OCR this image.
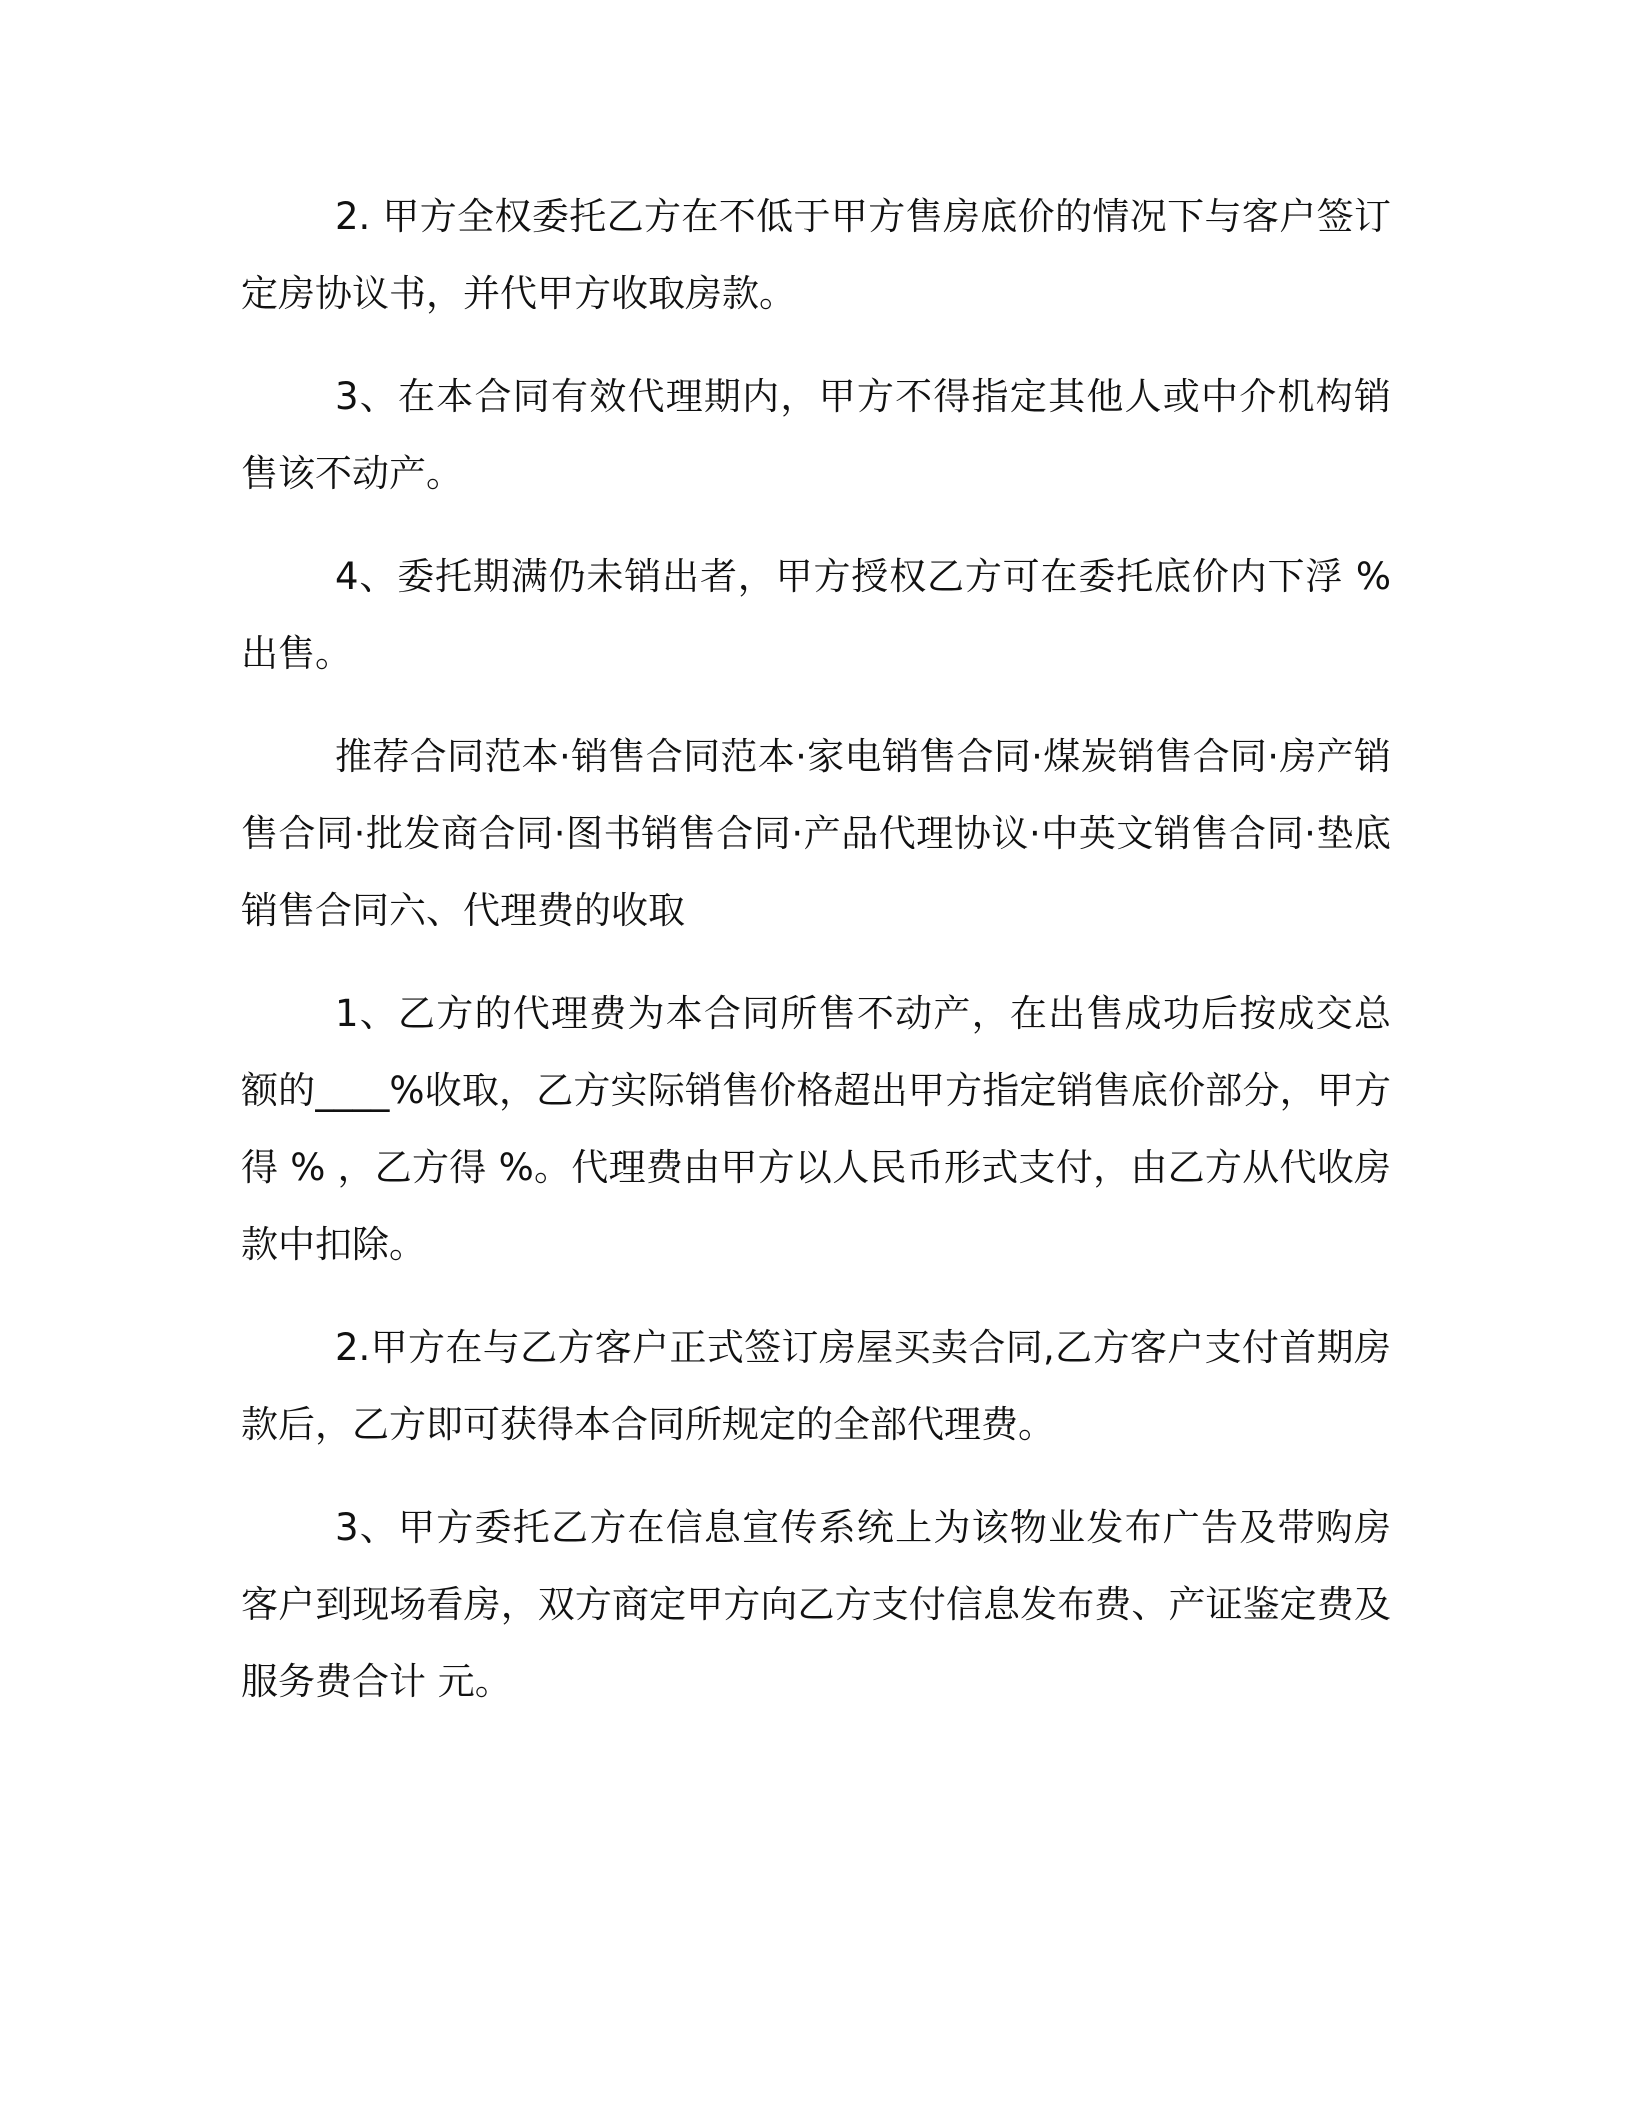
2. 甲方全权委托乙方在不低于甲方售房底价的情况下与客户签订定房协议书，并代甲方收取房款。

3、在本合同有效代理期内，甲方不得指定其他人或中介机构销售该不动产。

4、委托期满仍未销出者，甲方授权乙方可在委托底价内下浮 % 出售。

推荐合同范本·销售合同范本·家电销售合同·煤炭销售合同·房产销售合同·批发商合同·图书销售合同·产品代理协议·中英文销售合同·垫底销售合同六、代理费的收取

1、乙方的代理费为本合同所售不动产，在出售成功后按成交总额的____%收取，乙方实际销售价格超出甲方指定销售底价部分，甲方得 % ，乙方得 %。代理费由甲方以人民币形式支付，由乙方从代收房款中扣除。

2.甲方在与乙方客户正式签订房屋买卖合同,乙方客户支付首期房款后，乙方即可获得本合同所规定的全部代理费。

3、甲方委托乙方在信息宣传系统上为该物业发布广告及带购房客户到现场看房，双方商定甲方向乙方支付信息发布费、产证鉴定费及服务费合计 元。
